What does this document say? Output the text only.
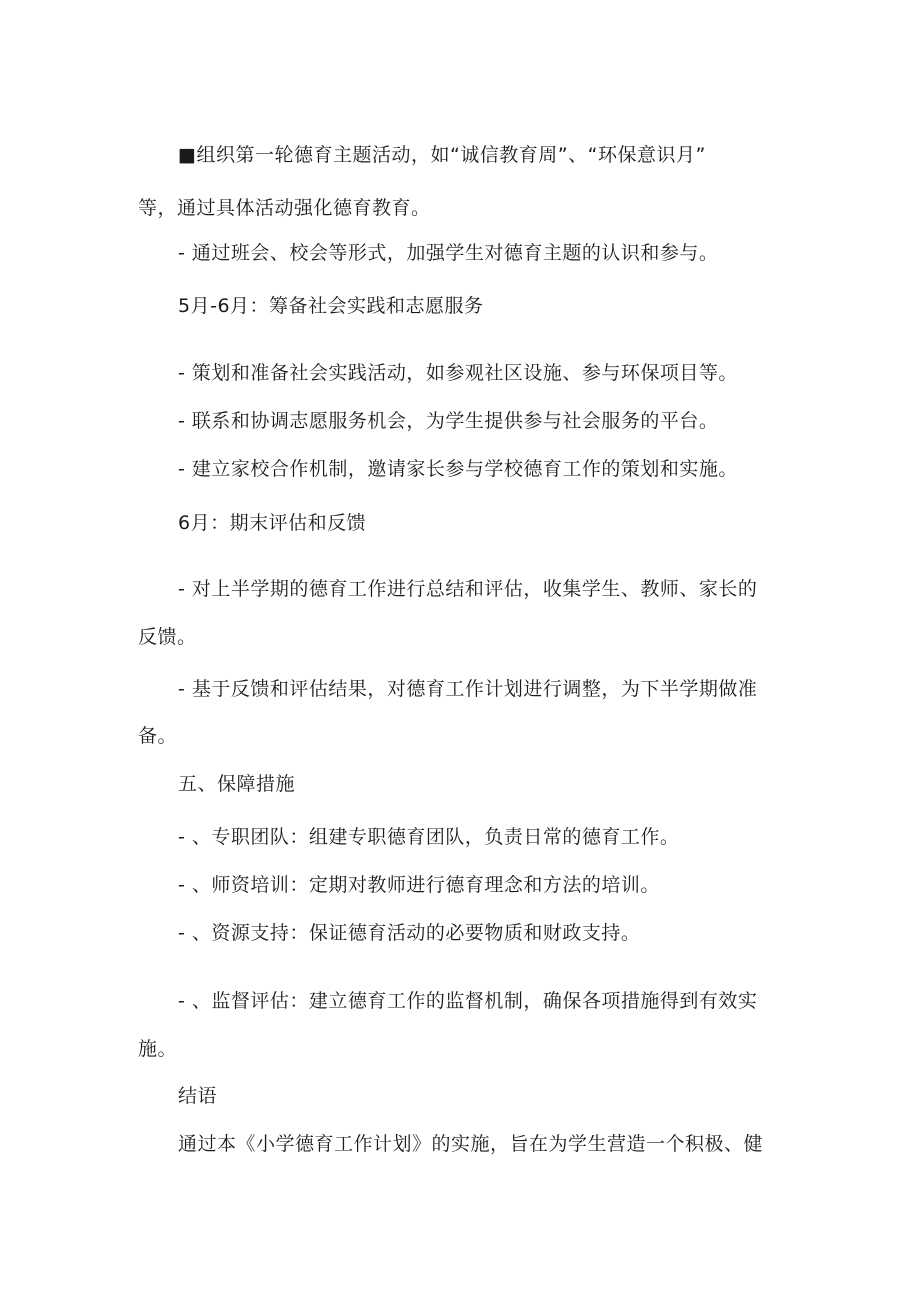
■组织第一轮德育主题活动，如“诚信教育周”、“环保意识月”
等，通过具体活动强化德育教育。
- 通过班会、校会等形式，加强学生对德育主题的认识和参与。
5月-6月：筹备社会实践和志愿服务
- 策划和准备社会实践活动，如参观社区设施、参与环保项目等。
- 联系和协调志愿服务机会，为学生提供参与社会服务的平台。
- 建立家校合作机制，邀请家长参与学校德育工作的策划和实施。
6月：期末评估和反馈
- 对上半学期的德育工作进行总结和评估，收集学生、教师、家长的
反馈。
- 基于反馈和评估结果，对德育工作计划进行调整，为下半学期做准
备。
五、保障措施
- 、专职团队：组建专职德育团队，负责日常的德育工作。
- 、师资培训：定期对教师进行德育理念和方法的培训。
- 、资源支持：保证德育活动的必要物质和财政支持。
- 、监督评估：建立德育工作的监督机制，确保各项措施得到有效实
施。
结语
通过本《小学德育工作计划》的实施，旨在为学生营造一个积极、健
